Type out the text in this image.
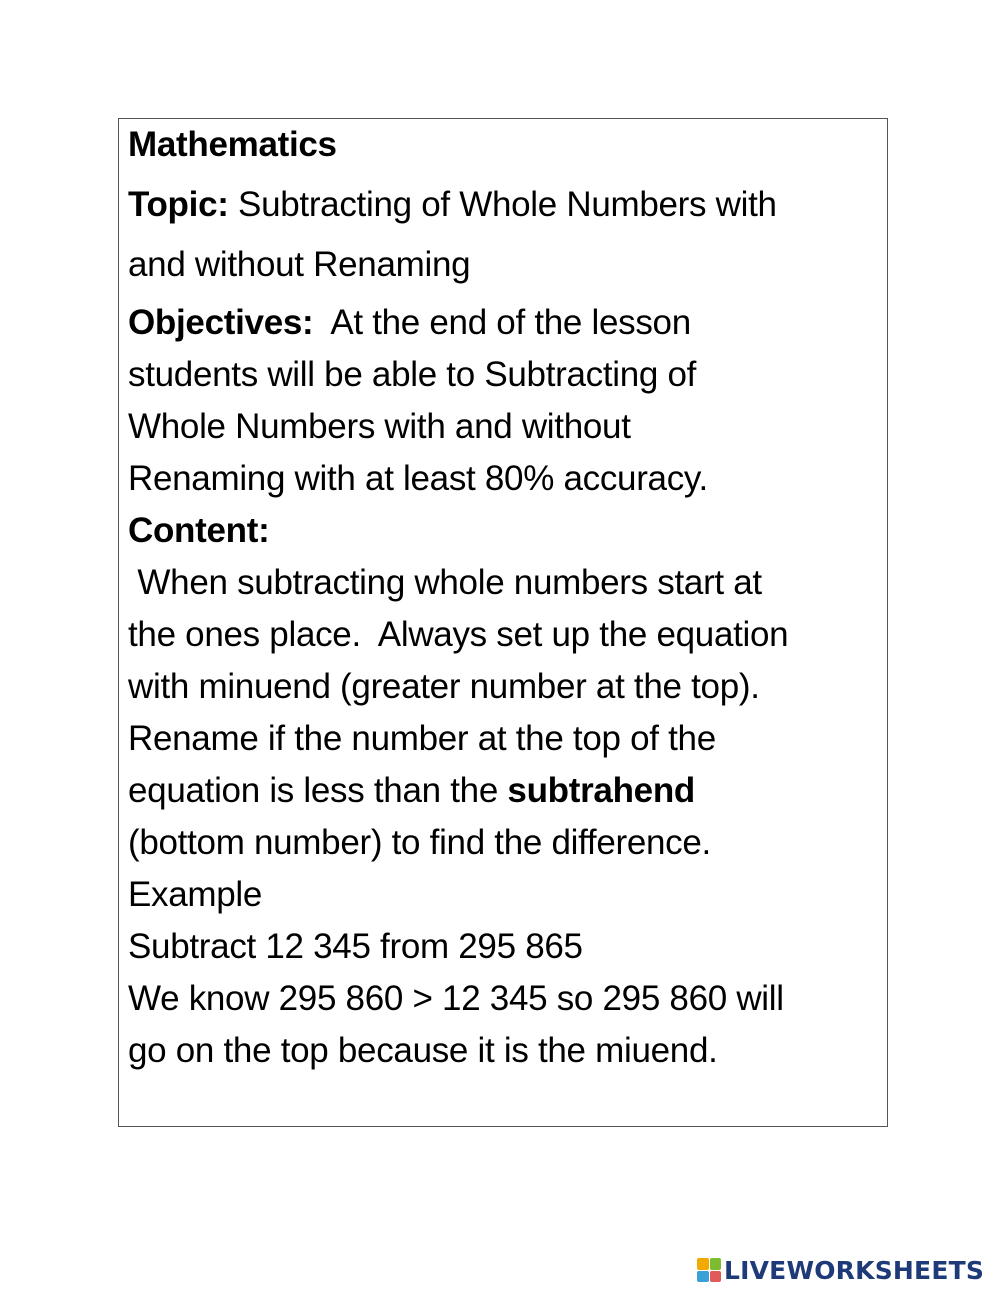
Mathematics

Topic: Subtracting of Whole Numbers with
and without Renaming
Objectives: At the end of the lesson
students will be able to Subtracting of
Whole Numbers with and without
Renaming with at least 80% accuracy.
Content:
When subtracting whole numbers start at
the ones place.  Always set up the equation
with minuend (greater number at the top).
Rename if the number at the top of the
equation is less than the subtrahend
(bottom number) to find the difference.
Example
Subtract 12 345 from 295 865
We know 295 860 > 12 345 so 295 860 will
go on the top because it is the miuend.
LIVEWORKSHEETS
